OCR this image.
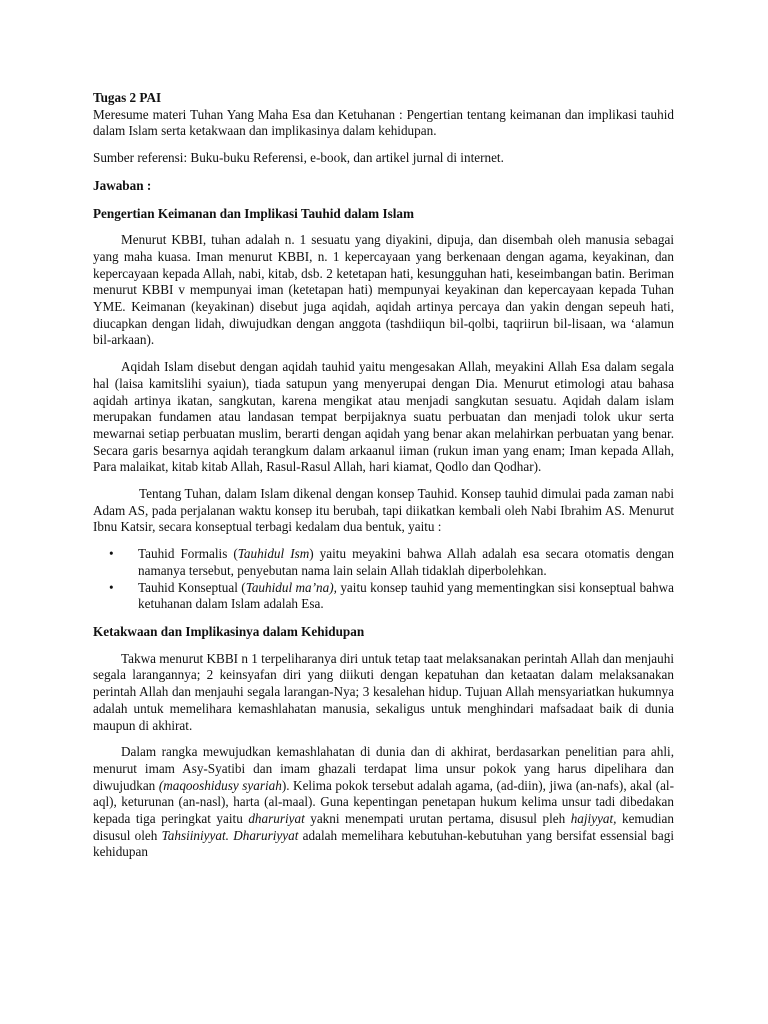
Tugas 2 PAI

Meresume materi Tuhan Yang Maha Esa dan Ketuhanan : Pengertian tentang keimanan dan implikasi tauhid dalam Islam serta ketakwaan dan implikasinya dalam kehidupan.

Sumber referensi: Buku-buku Referensi, e-book, dan artikel jurnal di internet.

Jawaban :

Pengertian Keimanan dan Implikasi Tauhid dalam Islam

Menurut KBBI, tuhan adalah n. 1 sesuatu yang diyakini, dipuja, dan disembah oleh manusia sebagai yang maha kuasa. Iman menurut KBBI, n. 1 kepercayaan yang berkenaan dengan agama, keyakinan, dan kepercayaan kepada Allah, nabi, kitab, dsb. 2 ketetapan hati, kesungguhan hati, keseimbangan batin. Beriman menurut KBBI v mempunyai iman (ketetapan hati) mempunyai keyakinan dan kepercayaan kepada Tuhan YME. Keimanan (keyakinan) disebut juga aqidah, aqidah artinya percaya dan yakin dengan sepeuh hati, diucapkan dengan lidah, diwujudkan dengan anggota (tashdiiqun bil-qolbi, taqriirun bil-lisaan, wa ‘alamun bil-arkaan).

Aqidah Islam disebut dengan aqidah tauhid yaitu mengesakan Allah, meyakini Allah Esa dalam segala hal (laisa kamitslihi syaiun), tiada satupun yang menyerupai dengan Dia. Menurut etimologi atau bahasa aqidah artinya ikatan, sangkutan, karena mengikat atau menjadi sangkutan sesuatu. Aqidah dalam islam merupakan fundamen atau landasan tempat berpijaknya suatu perbuatan dan menjadi tolok ukur serta mewarnai setiap perbuatan muslim, berarti dengan aqidah yang benar akan melahirkan perbuatan yang benar. Secara garis besarnya aqidah terangkum dalam arkaanul iiman (rukun iman yang enam; Iman kepada Allah, Para malaikat, kitab kitab Allah, Rasul-Rasul Allah, hari kiamat, Qodlo dan Qodhar).

Tentang Tuhan, dalam Islam dikenal dengan konsep Tauhid. Konsep tauhid dimulai pada zaman nabi Adam AS, pada perjalanan waktu konsep itu berubah, tapi diikatkan kembali oleh Nabi Ibrahim AS. Menurut Ibnu Katsir, secara konseptual terbagi kedalam dua bentuk, yaitu :

• Tauhid Formalis (Tauhidul Ism) yaitu meyakini bahwa Allah adalah esa secara otomatis dengan namanya tersebut, penyebutan nama lain selain Allah tidaklah diperbolehkan.
• Tauhid Konseptual (Tauhidul ma’na), yaitu konsep tauhid yang mementingkan sisi konseptual bahwa ketuhanan dalam Islam adalah Esa.

Ketakwaan dan Implikasinya dalam Kehidupan

Takwa menurut KBBI n 1 terpeliharanya diri untuk tetap taat melaksanakan perintah Allah dan menjauhi segala larangannya; 2 keinsyafan diri yang diikuti dengan kepatuhan dan ketaatan dalam melaksanakan perintah Allah dan menjauhi segala larangan-Nya; 3 kesalehan hidup. Tujuan Allah mensyariatkan hukumnya adalah untuk memelihara kemashlahatan manusia, sekaligus untuk menghindari mafsadaat baik di dunia maupun di akhirat.

Dalam rangka mewujudkan kemashlahatan di dunia dan di akhirat, berdasarkan penelitian para ahli, menurut imam Asy-Syatibi dan imam ghazali terdapat lima unsur pokok yang harus dipelihara dan diwujudkan (maqooshidusy syariah). Kelima pokok tersebut adalah agama, (ad-diin), jiwa (an-nafs), akal (al-aql), keturunan (an-nasl), harta (al-maal). Guna kepentingan penetapan hukum kelima unsur tadi dibedakan kepada tiga peringkat yaitu dharuriyat yakni menempati urutan pertama, disusul pleh hajiyyat, kemudian disusul oleh Tahsiiniyyat. Dharuriyyat adalah memelihara kebutuhan-kebutuhan yang bersifat essensial bagi kehidupan
